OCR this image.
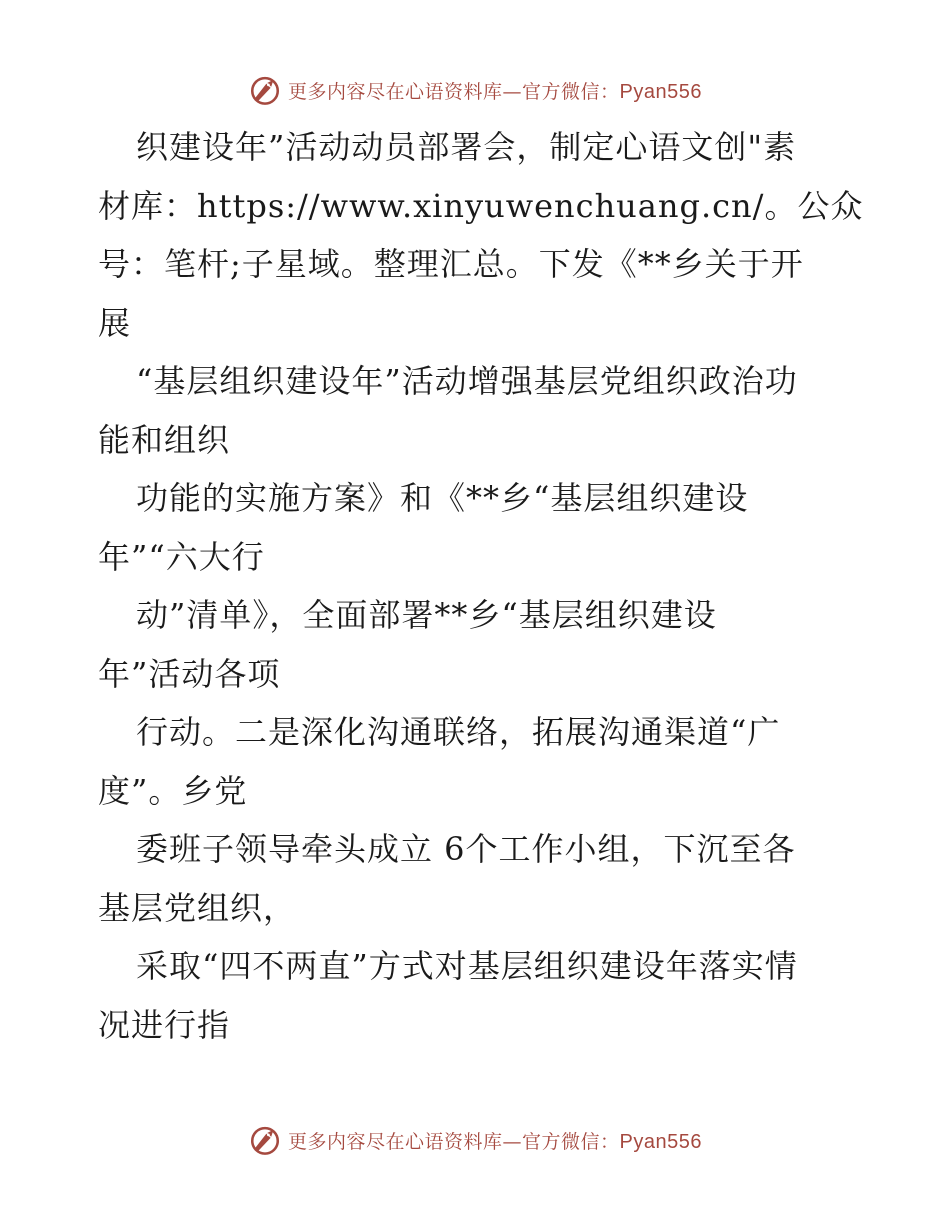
更多内容尽在心语资料库—官方微信：Pyan556
织建设年”活动动员部署会，制定心语文创"素
材库：https://www.xinyuwenchuang.cn/。公众
号：笔杆;子星域。整理汇总。下发《**乡关于开
展
“基层组织建设年”活动增强基层党组织政治功
能和组织
功能的实施方案》和《**乡“基层组织建设
年”“六大行
动”清单》，全面部署**乡“基层组织建设
年”活动各项
行动。二是深化沟通联络，拓展沟通渠道“广
度”。乡党
委班子领导牵头成立 6个工作小组，下沉至各
基层党组织，
采取“四不两直”方式对基层组织建设年落实情
况进行指
更多内容尽在心语资料库—官方微信：Pyan556
